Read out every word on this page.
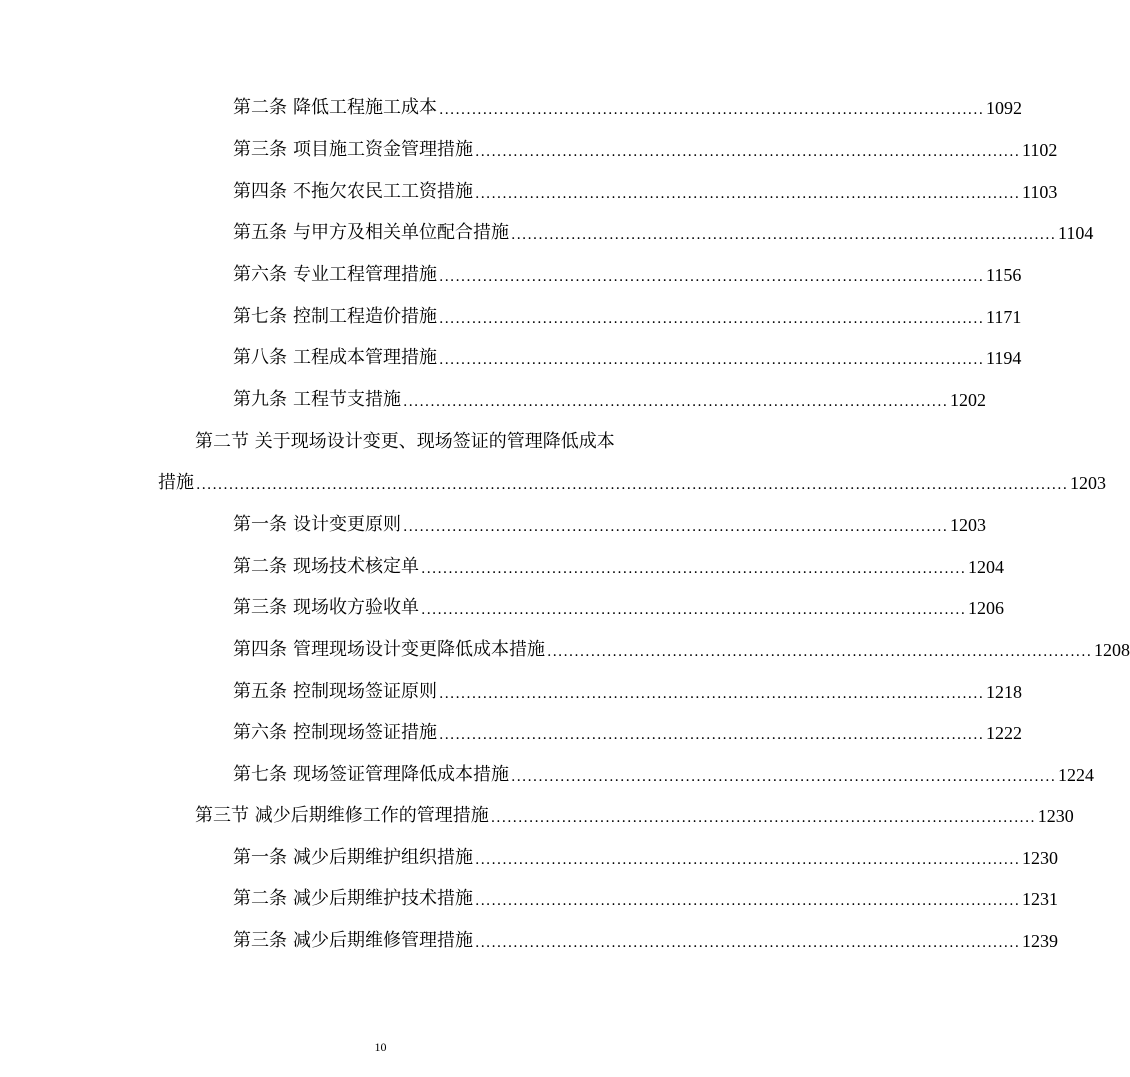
第二条 降低工程施工成本 .................................................................................................... 1092
第三条 项目施工资金管理措施 .................................................................................................... 1102
第四条 不拖欠农民工工资措施 .................................................................................................... 1103
第五条 与甲方及相关单位配合措施 .................................................................................................... 1104
第六条 专业工程管理措施 .................................................................................................... 1156
第七条 控制工程造价措施 .................................................................................................... 1171
第八条 工程成本管理措施 .................................................................................................... 1194
第九条 工程节支措施 .................................................................................................... 1202
第二节 关于现场设计变更、现场签证的管理降低成本
措施 ................................................................................................................................................................ 1203
第一条 设计变更原则 .................................................................................................... 1203
第二条 现场技术核定单 .................................................................................................... 1204
第三条 现场收方验收单 .................................................................................................... 1206
第四条 管理现场设计变更降低成本措施 .................................................................................................... 1208
第五条 控制现场签证原则 .................................................................................................... 1218
第六条 控制现场签证措施 .................................................................................................... 1222
第七条 现场签证管理降低成本措施 .................................................................................................... 1224
第三节 减少后期维修工作的管理措施 .................................................................................................... 1230
第一条 减少后期维护组织措施 .................................................................................................... 1230
第二条 减少后期维护技术措施 .................................................................................................... 1231
第三条 减少后期维修管理措施 .................................................................................................... 1239
10
